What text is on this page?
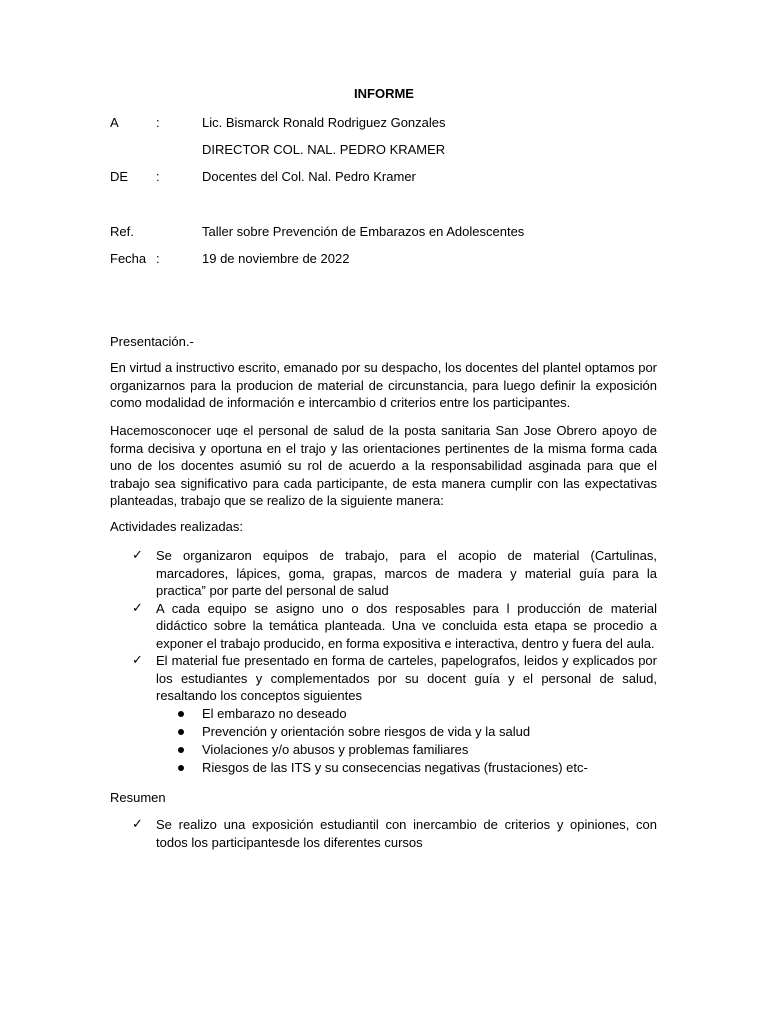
INFORME
A	:	Lic. Bismarck Ronald Rodriguez Gonzales
DIRECTOR COL. NAL. PEDRO KRAMER
DE :	Docentes del Col. Nal. Pedro Kramer
Ref.	Taller sobre Prevención de Embarazos en Adolescentes
Fecha :	19 de noviembre de 2022
Presentación.-
En virtud a instructivo escrito, emanado por su despacho, los docentes del plantel optamos por organizarnos para la producion de material de circunstancia, para luego definir la exposición como modalidad de información e intercambio d criterios entre los participantes.
Hacemosconocer uqe el personal de salud de la posta sanitaria San Jose Obrero apoyo de forma decisiva y oportuna en el trajo y las orientaciones pertinentes de la misma forma cada uno de los docentes asumió su rol de acuerdo a la responsabilidad asginada para que el trabajo sea significativo para cada participante, de esta manera cumplir con las expectativas planteadas, trabajo que se realizo de la siguiente manera:
Actividades realizadas:
✓ Se organizaron equipos de trabajo, para el acopio de material (Cartulinas, marcadores, lápices, goma, grapas, marcos de madera y material guía para la practica” por parte del personal de salud
✓ A cada equipo se asigno uno o dos resposables para l producción de material didáctico sobre la temática planteada. Una ve concluida esta etapa se procedio a exponer el trabajo producido, en forma expositiva e interactiva, dentro y fuera del aula.
✓ El material fue presentado en forma de carteles, papelografos, leidos y explicados por los estudiantes y complementados por su docent guía y el personal de salud, resaltando los conceptos siguientes
El embarazo no deseado
Prevención y orientación sobre riesgos de vida y la salud
Violaciones y/o abusos y problemas familiares
Riesgos de las ITS y su consecencias negativas (frustaciones) etc-
Resumen
✓ Se realizo una exposición estudiantil con inercambio de criterios y opiniones, con todos los participantesde los diferentes cursos
